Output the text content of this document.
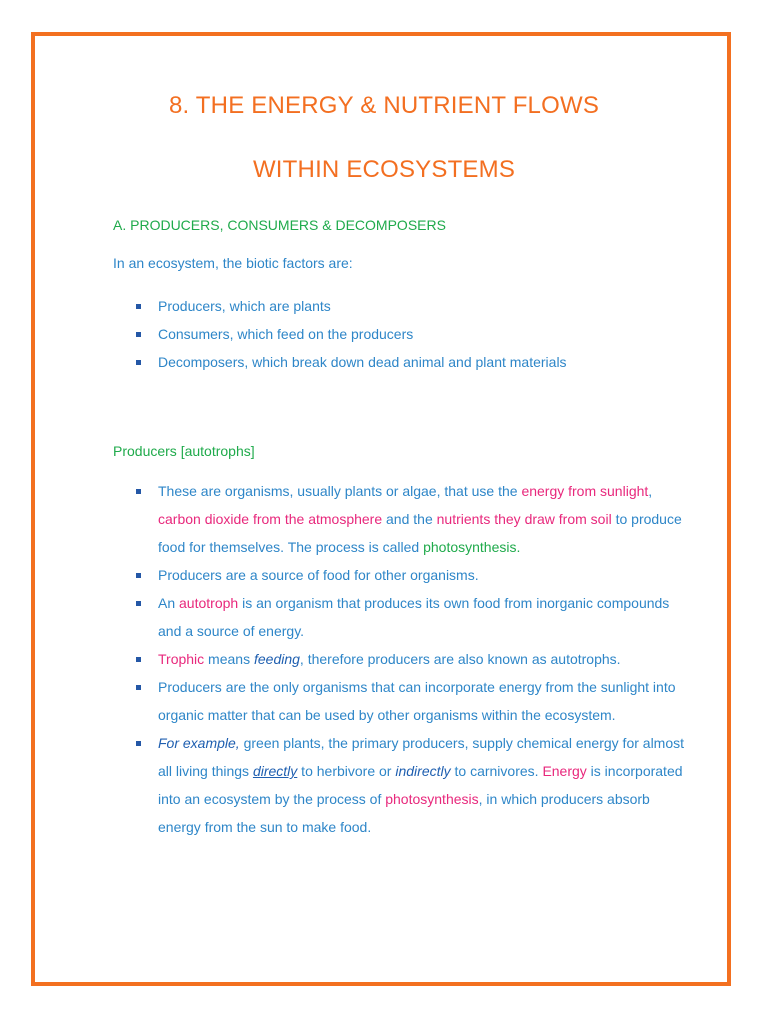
8. THE ENERGY & NUTRIENT FLOWS
WITHIN ECOSYSTEMS
A. PRODUCERS, CONSUMERS & DECOMPOSERS

In an ecosystem, the biotic factors are:

Producers, which are plants
Consumers, which feed on the producers
Decomposers, which break down dead animal and plant materials
Producers [autotrophs]
These are organisms, usually plants or algae, that use the energy from sunlight, carbon dioxide from the atmosphere and the nutrients they draw from soil to produce food for themselves. The process is called photosynthesis.
Producers are a source of food for other organisms.
An autotroph is an organism that produces its own food from inorganic compounds and a source of energy.
Trophic means feeding, therefore producers are also known as autotrophs.
Producers are the only organisms that can incorporate energy from the sunlight into organic matter that can be used by other organisms within the ecosystem.
For example, green plants, the primary producers, supply chemical energy for almost all living things directly to herbivore or indirectly to carnivores. Energy is incorporated into an ecosystem by the process of photosynthesis, in which producers absorb energy from the sun to make food.
